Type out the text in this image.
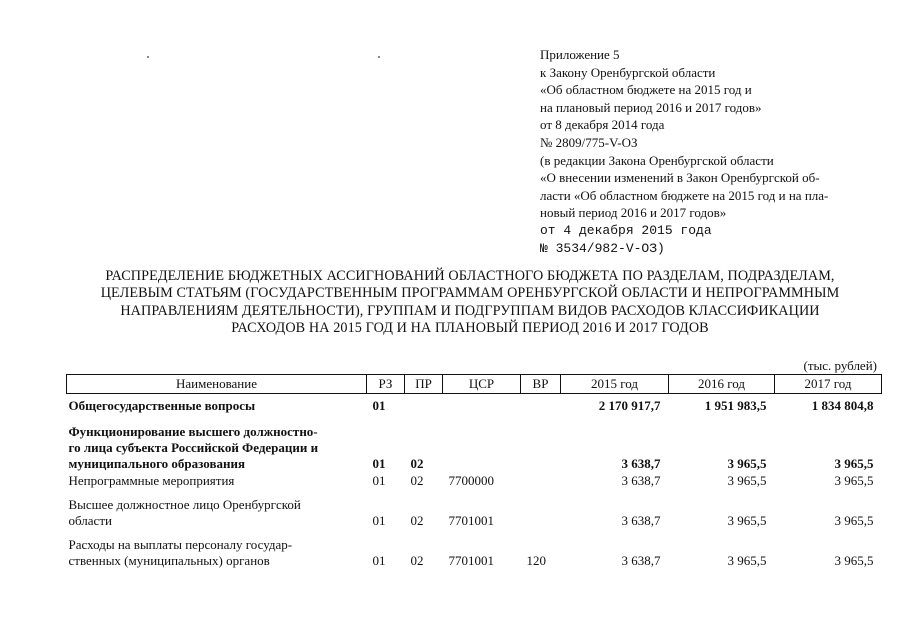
Приложение 5
к Закону Оренбургской области
«Об областном бюджете на 2015 год и
на плановый период 2016 и 2017 годов»
от 8 декабря 2014 года
№ 2809/775-V-ОЗ
(в редакции Закона Оренбургской области
«О внесении изменений в Закон Оренбургской об-
ласти «Об областном бюджете на 2015 год и на пла-
новый период 2016 и 2017 годов»
от 4 декабря 2015 года
№ 3534/982-V-ОЗ)
РАСПРЕДЕЛЕНИЕ БЮДЖЕТНЫХ АССИГНОВАНИЙ ОБЛАСТНОГО БЮДЖЕТА ПО РАЗДЕЛАМ, ПОДРАЗДЕЛАМ,
ЦЕЛЕВЫМ СТАТЬЯМ (ГОСУДАРСТВЕННЫМ ПРОГРАММАМ ОРЕНБУРГСКОЙ ОБЛАСТИ И НЕПРОГРАММНЫМ
НАПРАВЛЕНИЯМ ДЕЯТЕЛЬНОСТИ), ГРУППАМ И ПОДГРУППАМ ВИДОВ РАСХОДОВ КЛАССИФИКАЦИИ
РАСХОДОВ НА 2015 ГОД И НА ПЛАНОВЫЙ ПЕРИОД 2016 И 2017 ГОДОВ
(тыс. рублей)
Наименование	РЗ	ПР	ЦСР	ВР	2015 год	2016 год	2017 год

Общегосударственные вопросы	01				2 170 917,7	1 951 983,5	1 834 804,8

Функционирование высшего должностно-
го лица субъекта Российской Федерации и
муниципального образования	01	02			3 638,7	3 965,5	3 965,5

Непрограммные мероприятия	01	02	7700000		3 638,7	3 965,5	3 965,5

Высшее должностное лицо Оренбургской
области	01	02	7701001		3 638,7	3 965,5	3 965,5

Расходы на выплаты персоналу государ-
ственных (муниципальных) органов	01	02	7701001	120	3 638,7	3 965,5	3 965,5
